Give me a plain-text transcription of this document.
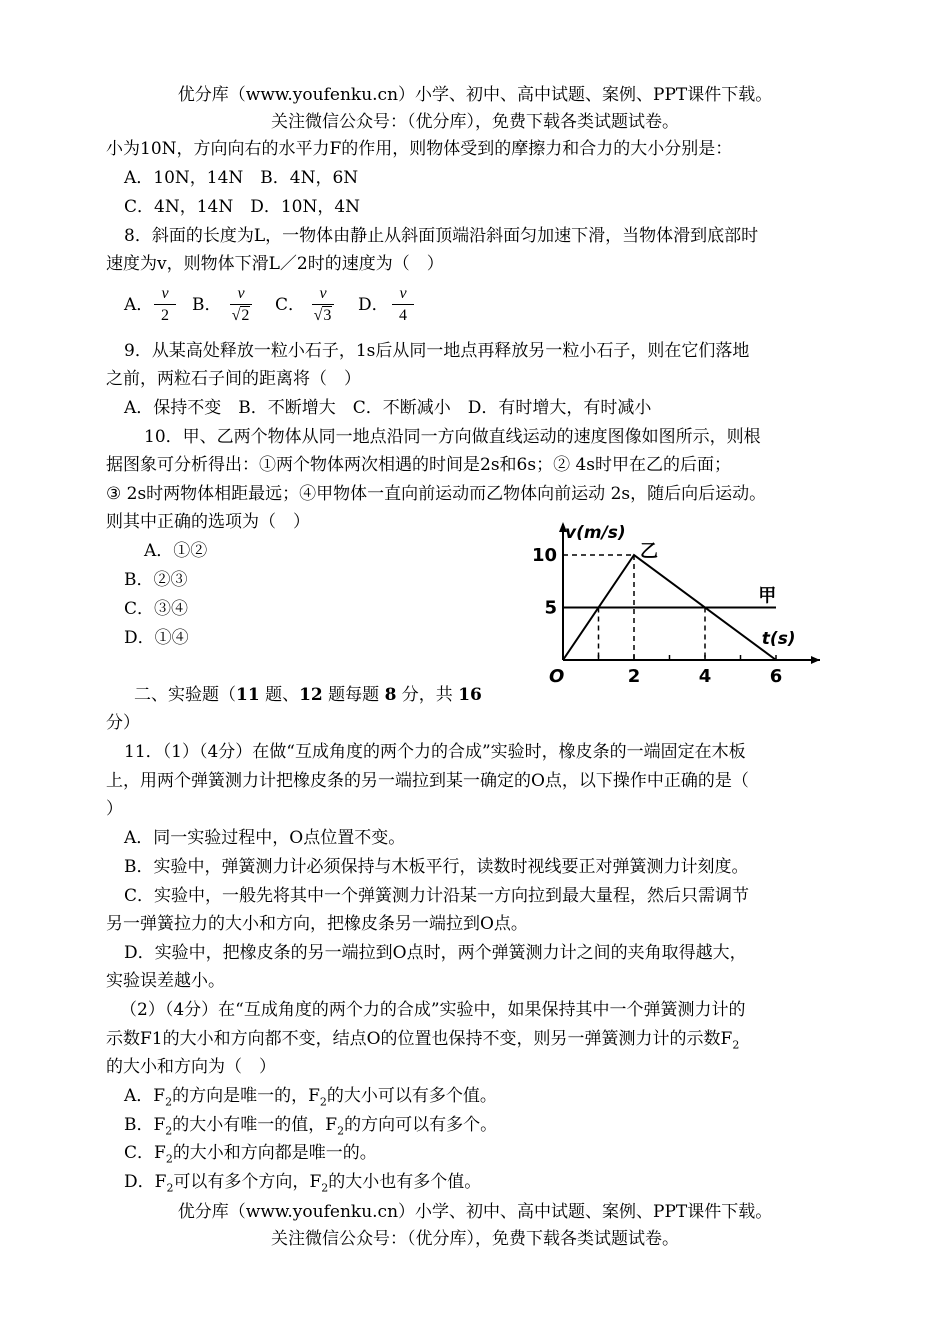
优分库（www.youfenku.cn）小学、初中、高中试题、案例、PPT课件下载。
关注微信公众号：（优分库），免费下载各类试题试卷。
小为10N，方向向右的水平力F的作用，则物体受到的摩擦力和合力的大小分别是：
A．10N，14N　B．4N，6N
C．4N，14N　D．10N，4N
8．斜面的长度为L，一物体由静止从斜面顶端沿斜面匀加速下滑，当物体滑到底部时
速度为v，则物体下滑L／2时的速度为（　）
A．
v
2
B．
v
√2
C．
v
√3
D．
v
4
9．从某高处释放一粒小石子，1s后从同一地点再释放另一粒小石子，则在它们落地
之前，两粒石子间的距离将（　）
A．保持不变　B．不断增大　C．不断减小　D．有时增大，有时减小
10．甲、乙两个物体从同一地点沿同一方向做直线运动的速度图像如图所示，则根
据图象可分析得出：①两个物体两次相遇的时间是2s和6s；② 4s时甲在乙的后面；
③ 2s时两物体相距最远；④甲物体一直向前运动而乙物体向前运动 2s，随后向后运动。
则其中正确的选项为（　）
A．①②
B．②③
C．③④
D．①④
2	4	6
5
10
O
v(m/s)
t(s)
甲
乙
二、实验题（11 题、12 题每题 8 分，共 16
分）
11．（1）（4分）在做“互成角度的两个力的合成”实验时，橡皮条的一端固定在木板
上，用两个弹簧测力计把橡皮条的另一端拉到某一确定的O点，以下操作中正确的是（
）
A．同一实验过程中，O点位置不变。
B．实验中，弹簧测力计必须保持与木板平行，读数时视线要正对弹簧测力计刻度。
C．实验中，一般先将其中一个弹簧测力计沿某一方向拉到最大量程，然后只需调节
另一弹簧拉力的大小和方向，把橡皮条另一端拉到O点。
D．实验中，把橡皮条的另一端拉到O点时，两个弹簧测力计之间的夹角取得越大，
实验误差越小。
（2）（4分）在“互成角度的两个力的合成”实验中，如果保持其中一个弹簧测力计的
示数F1的大小和方向都不变，结点O的位置也保持不变，则另一弹簧测力计的示数$F_2$
的大小和方向为（　）
A．$F_2$的方向是唯一的，$F_2$的大小可以有多个值。
B．$F_2$的大小有唯一的值，$F_2$的方向可以有多个。
C．$F_2$的大小和方向都是唯一的。
D．$F_2$可以有多个方向，$F_2$的大小也有多个值。
优分库（www.youfenku.cn）小学、初中、高中试题、案例、PPT课件下载。
关注微信公众号：（优分库），免费下载各类试题试卷。
